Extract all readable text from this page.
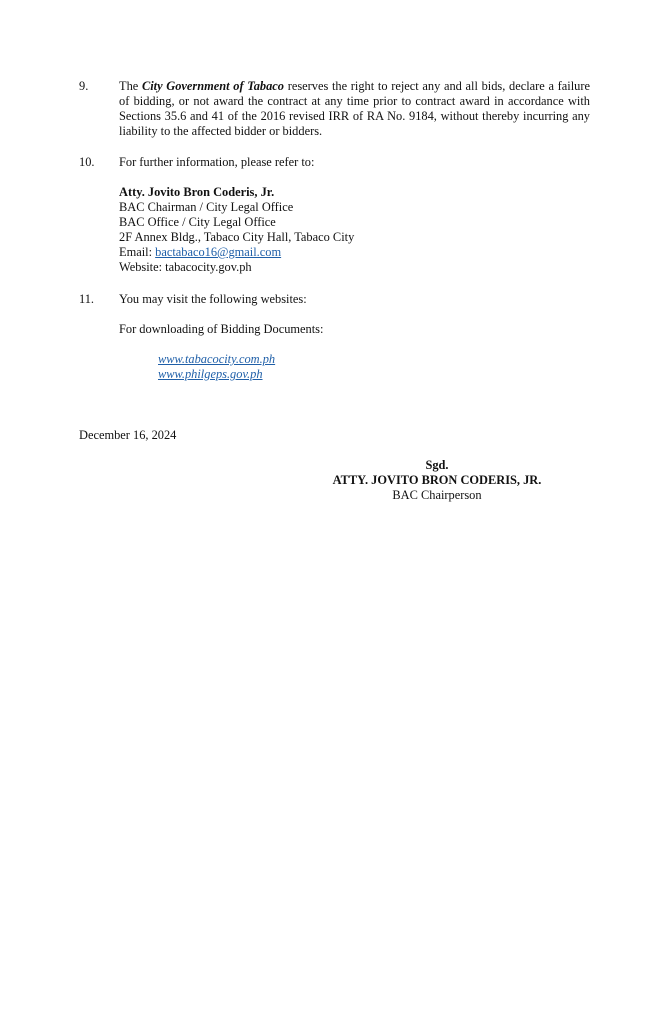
9. The City Government of Tabaco reserves the right to reject any and all bids, declare a failure of bidding, or not award the contract at any time prior to contract award in accordance with Sections 35.6 and 41 of the 2016 revised IRR of RA No. 9184, without thereby incurring any liability to the affected bidder or bidders.
10. For further information, please refer to:
Atty. Jovito Bron Coderis, Jr.
BAC Chairman / City Legal Office
BAC Office / City Legal Office
2F Annex Bldg., Tabaco City Hall, Tabaco City
Email: bactabaco16@gmail.com
Website: tabacocity.gov.ph
11. You may visit the following websites:
For downloading of Bidding Documents:
www.tabacocity.com.ph
www.philgeps.gov.ph
December 16, 2024
Sgd.
ATTY. JOVITO BRON CODERIS, JR.
BAC Chairperson
